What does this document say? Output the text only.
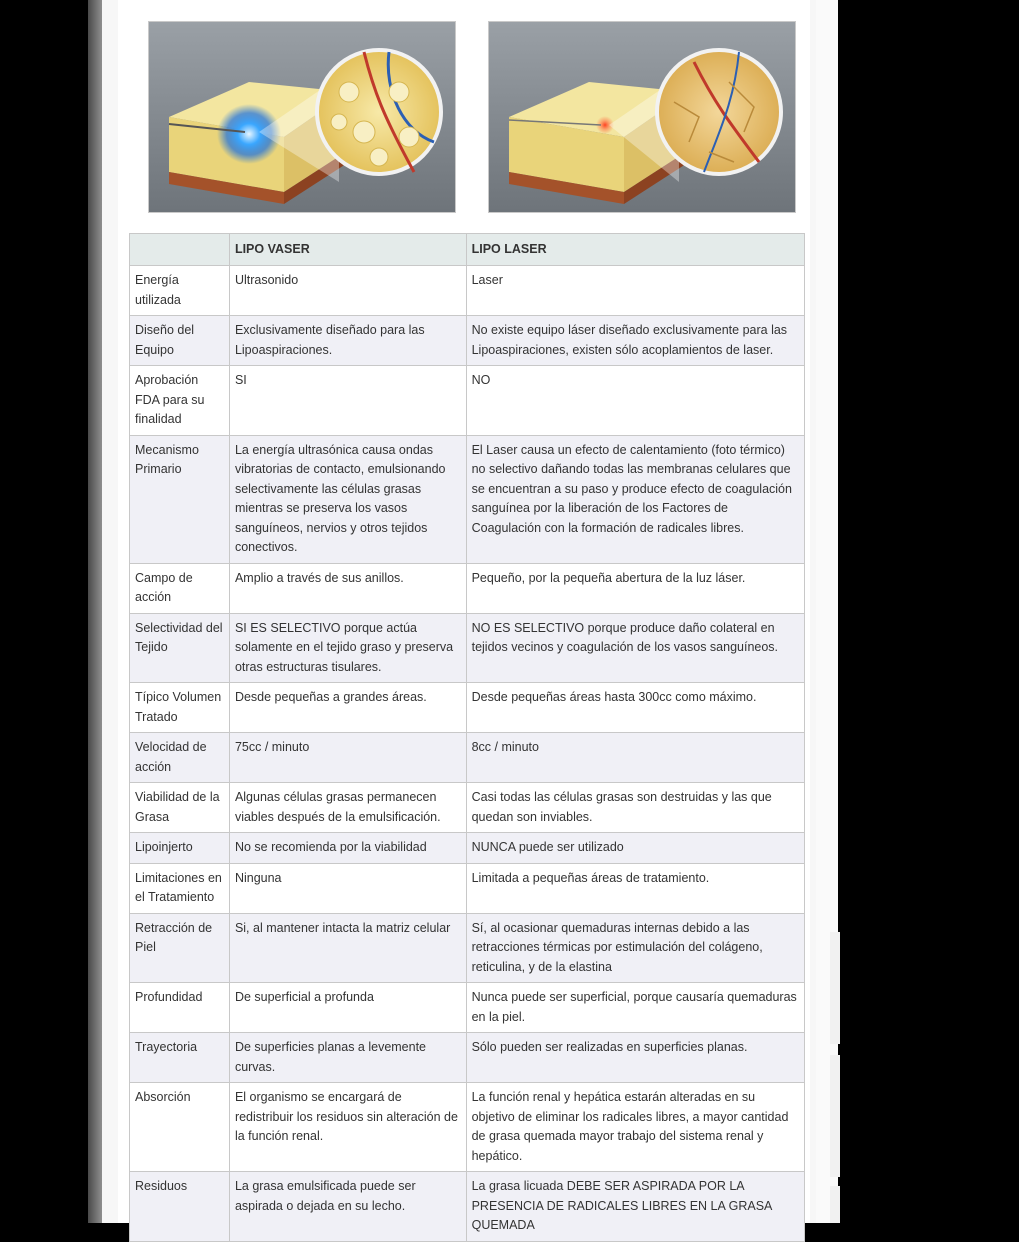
	LIPO VASER	LIPO LASER
Energía utilizada	Ultrasonido	Laser
Diseño del Equipo	Exclusivamente diseñado para las Lipoaspiraciones.	No existe equipo láser diseñado exclusivamente para las Lipoaspiraciones, existen sólo acoplamientos de laser.
Aprobación FDA para su finalidad	SI	NO
Mecanismo Primario	La energía ultrasónica causa ondas vibratorias de contacto, emulsionando selectivamente las células grasas mientras se preserva los vasos sanguíneos, nervios y otros tejidos conectivos.	El Laser causa un efecto de calentamiento (foto térmico) no selectivo dañando todas las membranas celulares que se encuentran a su paso y produce efecto de coagulación sanguínea por la liberación de los Factores de Coagulación con la formación de radicales libres.
Campo de acción	Amplio a través de sus anillos.	Pequeño, por la pequeña abertura de la luz láser.
Selectividad del Tejido	SI ES SELECTIVO porque actúa solamente en el tejido graso y preserva otras estructuras tisulares.	NO ES SELECTIVO porque produce daño colateral en tejidos vecinos y coagulación de los vasos sanguíneos.
Típico Volumen Tratado	Desde pequeñas a grandes áreas.	Desde pequeñas áreas hasta 300cc como máximo.
Velocidad de acción	75cc / minuto	8cc / minuto
Viabilidad de la Grasa	Algunas células grasas permanecen viables después de la emulsificación.	Casi todas las células grasas son destruidas y las que quedan son inviables.
Lipoinjerto	No se recomienda por la viabilidad	NUNCA puede ser utilizado
Limitaciones en el Tratamiento	Ninguna	Limitada a pequeñas áreas de tratamiento.
Retracción de Piel	Si, al mantener intacta la matriz celular	Sí, al ocasionar quemaduras internas debido a las retracciones térmicas por estimulación del colágeno, reticulina, y de la elastina
Profundidad	De superficial a profunda	Nunca puede ser superficial, porque causaría quemaduras en la piel.
Trayectoria	De superficies planas a levemente curvas.	Sólo pueden ser realizadas en superficies planas.
Absorción	El organismo se encargará de redistribuir los residuos sin alteración de la función renal.	La función renal y hepática estarán alteradas en su objetivo de eliminar los radicales libres, a mayor cantidad de grasa quemada mayor trabajo del sistema renal y hepático.
Residuos	La grasa emulsificada puede ser aspirada o dejada en su lecho.	La grasa licuada DEBE SER ASPIRADA POR LA PRESENCIA DE RADICALES LIBRES EN LA GRASA QUEMADA
